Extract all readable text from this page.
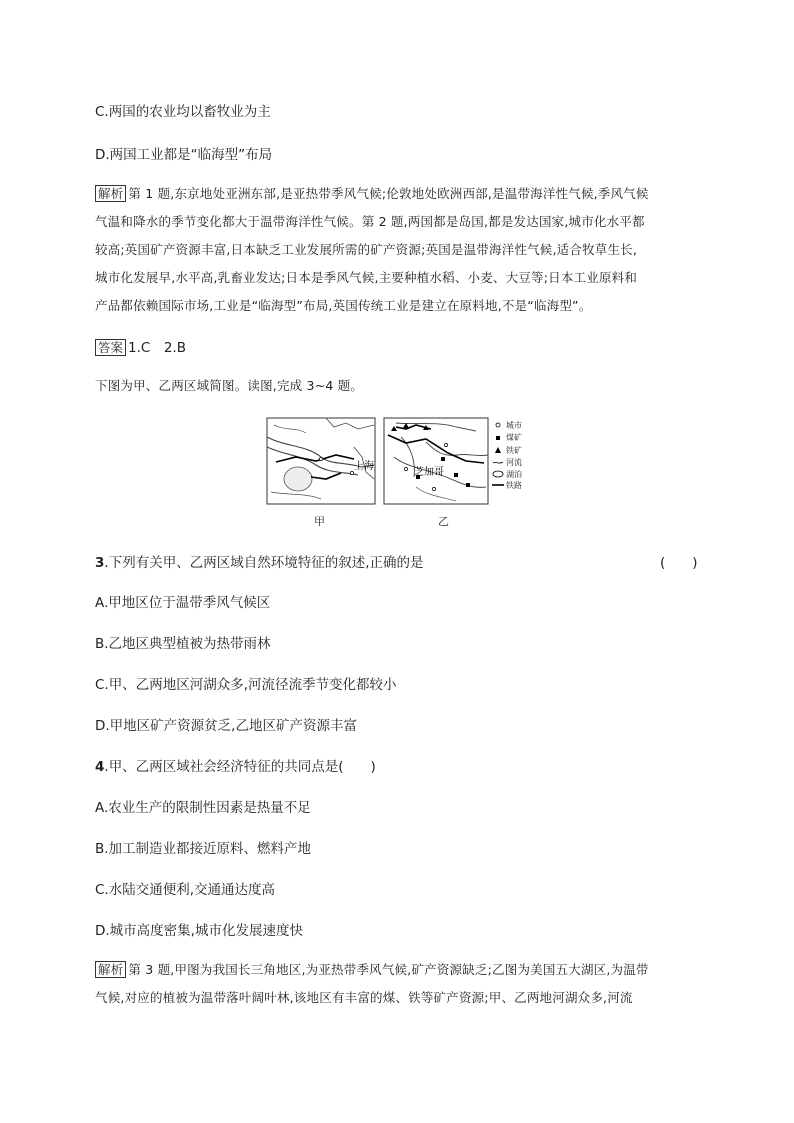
C.两国的农业均以畜牧业为主
D.两国工业都是“临海型”布局
解析 第 1 题,东京地处亚洲东部,是亚热带季风气候;伦敦地处欧洲西部,是温带海洋性气候,季风气候
气温和降水的季节变化都大于温带海洋性气候。第 2 题,两国都是岛国,都是发达国家,城市化水平都
较高;英国矿产资源丰富,日本缺乏工业发展所需的矿产资源;英国是温带海洋性气候,适合牧草生长,
城市化发展早,水平高,乳畜业发达;日本是季风气候,主要种植水稻、小麦、大豆等;日本工业原料和
产品都依赖国际市场,工业是“临海型”布局,英国传统工业是建立在原料地,不是“临海型”。
答案 1.C　2.B
下图为甲、乙两区域简图。读图,完成 3~4 题。
上海
芝加哥
城市
煤矿
铁矿
河流
湖泊
铁路
甲	乙
3.下列有关甲、乙两区域自然环境特征的叙述,正确的是	(　　)
A.甲地区位于温带季风气候区
B.乙地区典型植被为热带雨林
C.甲、乙两地区河湖众多,河流径流季节变化都较小
D.甲地区矿产资源贫乏,乙地区矿产资源丰富
4.甲、乙两区域社会经济特征的共同点是(　　)
A.农业生产的限制性因素是热量不足
B.加工制造业都接近原料、燃料产地
C.水陆交通便利,交通通达度高
D.城市高度密集,城市化发展速度快
解析 第 3 题,甲图为我国长三角地区,为亚热带季风气候,矿产资源缺乏;乙图为美国五大湖区,为温带
气候,对应的植被为温带落叶阔叶林,该地区有丰富的煤、铁等矿产资源;甲、乙两地河湖众多,河流
